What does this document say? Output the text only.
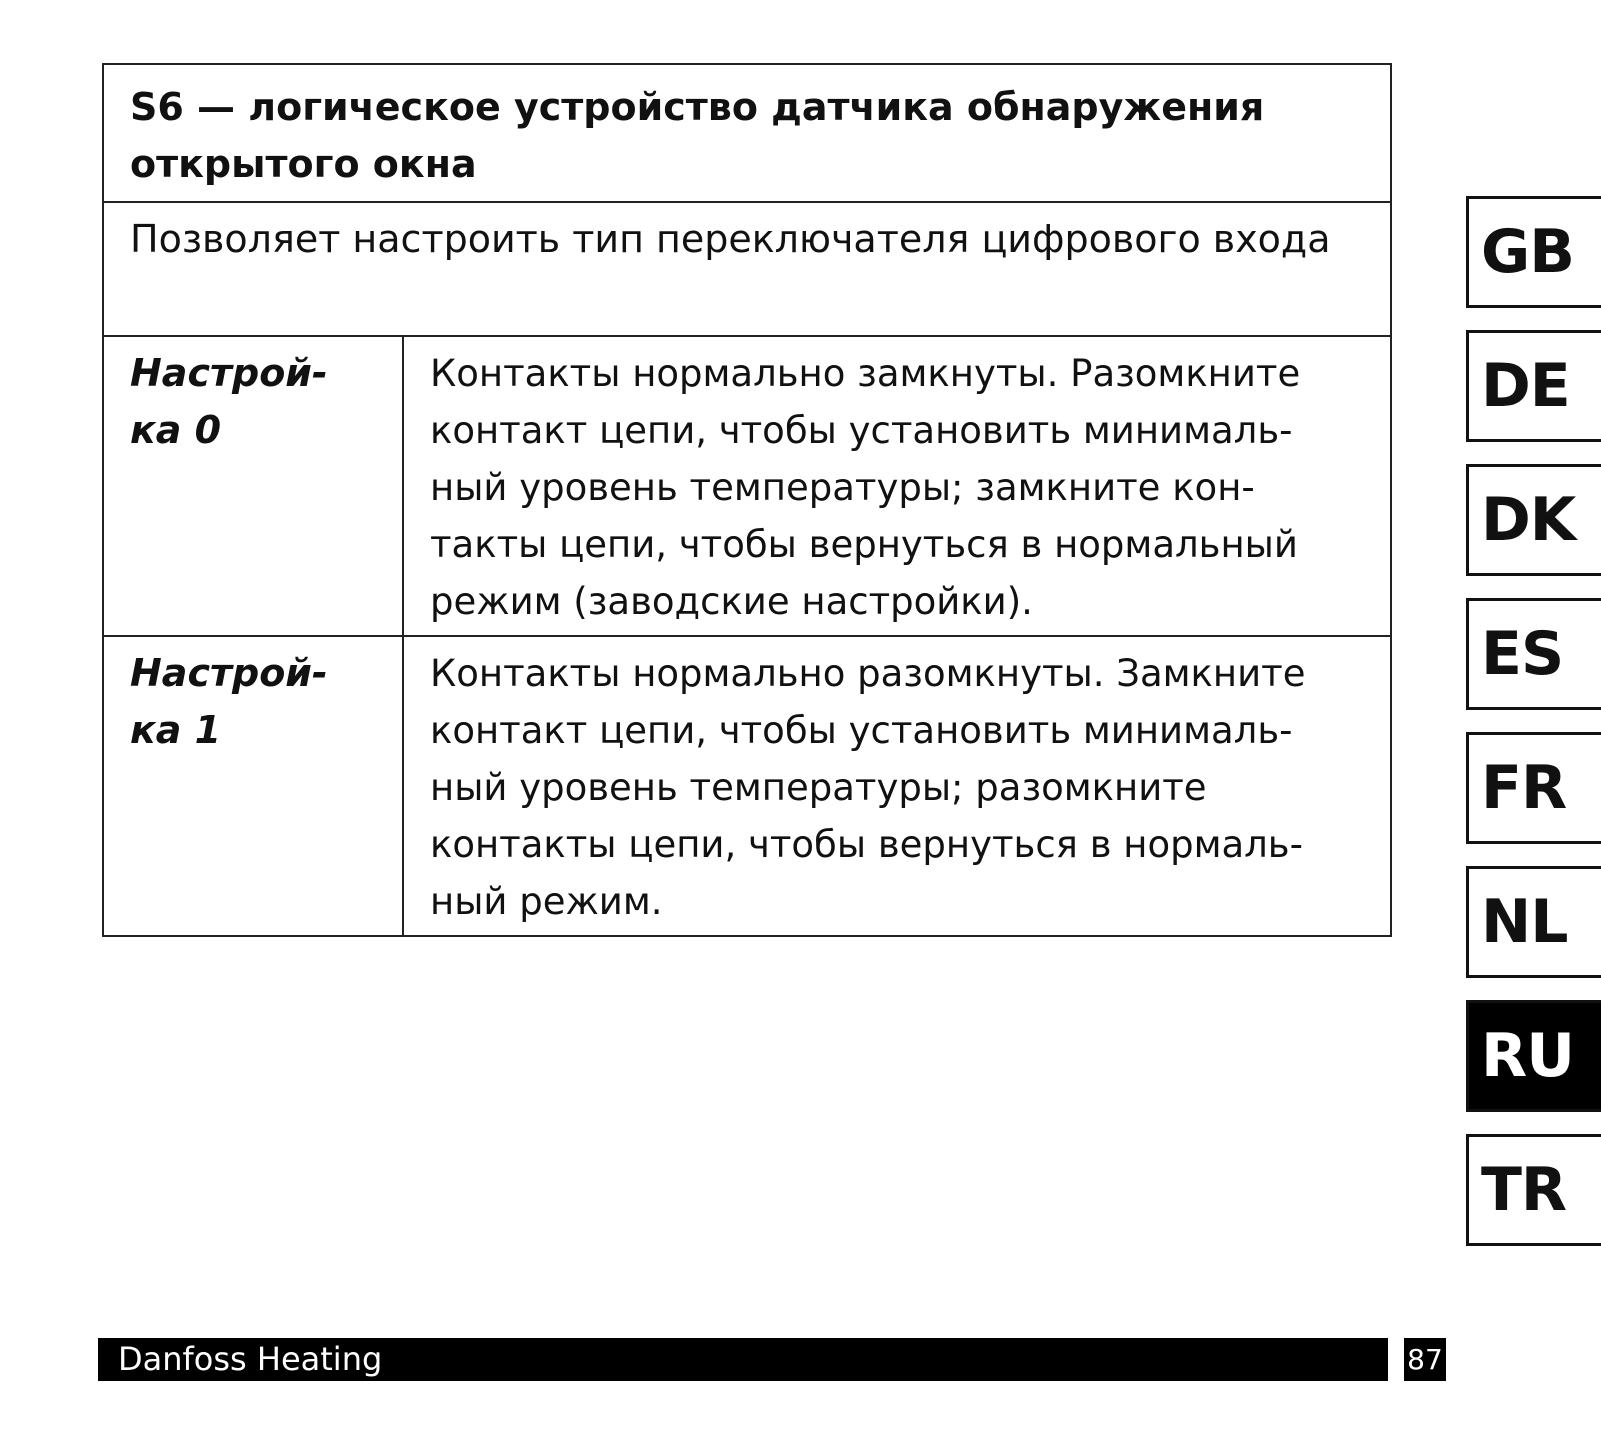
S6 — логическое устройство датчика обнаружения открытого окна	
Позволяет настроить тип переключателя цифрового входа	
Настрой-
ка 0	Контакты нормально замкнуты. Разомкните
контакт цепи, чтобы установить минималь-
ный уровень температуры; замкните кон-
такты цепи, чтобы вернуться в нормальный
режим (заводские настройки).
Настрой-
ка 1	Контакты нормально разомкнуты. Замкните
контакт цепи, чтобы установить минималь-
ный уровень температуры; разомкните
контакты цепи, чтобы вернуться в нормаль-
ный режим.
GB
DE
DK
ES
FR
NL
RU
TR
Danfoss Heating	87
